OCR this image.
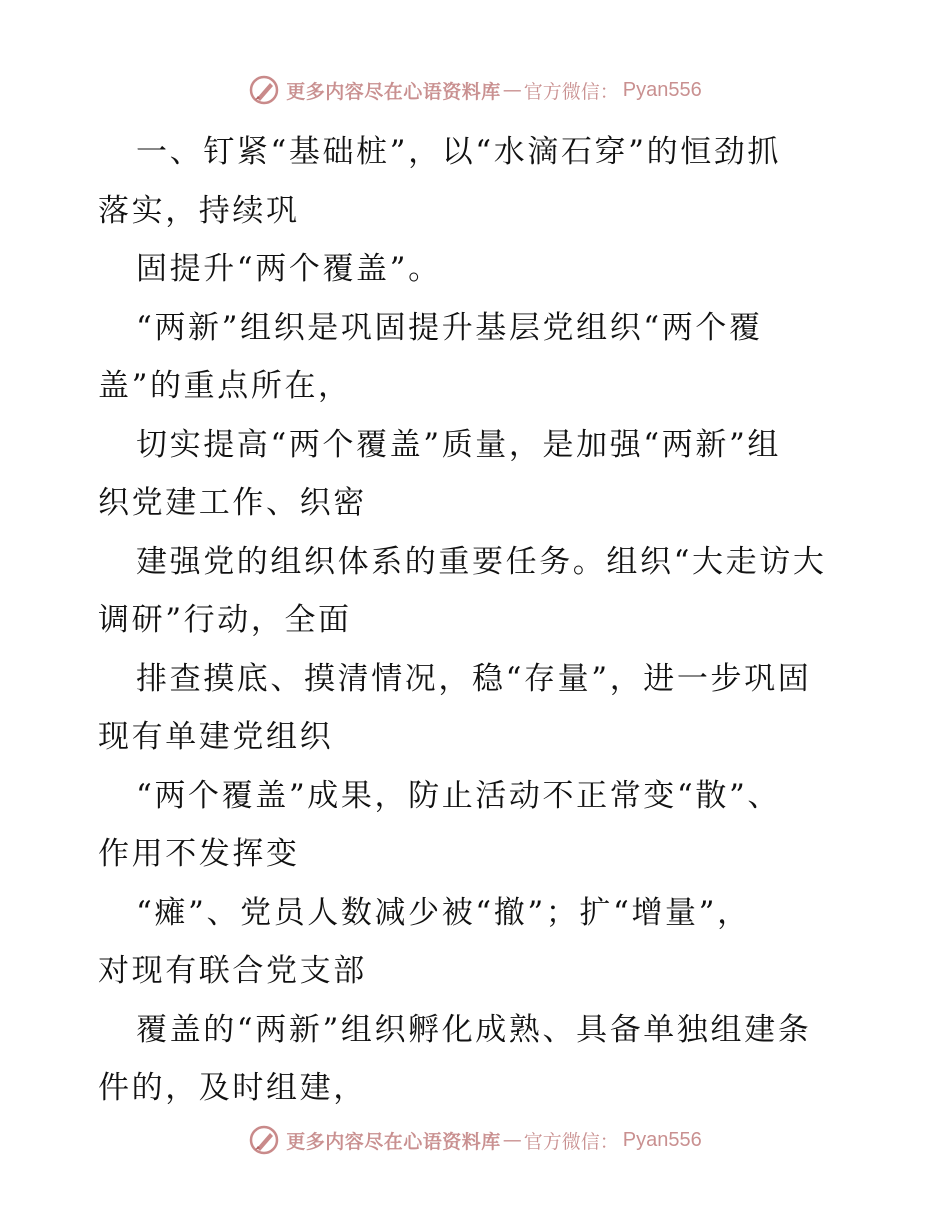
更多内容尽在心语资料库 — 官方微信： Pyan556
一、钉紧“基础桩”，以“水滴石穿”的恒劲抓
落实，持续巩
固提升“两个覆盖”。
“两新”组织是巩固提升基层党组织“两个覆
盖”的重点所在，
切实提高“两个覆盖”质量，是加强“两新”组
织党建工作、织密
建强党的组织体系的重要任务。组织“大走访大
调研”行动，全面
排查摸底、摸清情况，稳“存量”，进一步巩固
现有单建党组织
“两个覆盖”成果，防止活动不正常变“散”、
作用不发挥变
“瘫”、党员人数减少被“撤”；扩“增量”，
对现有联合党支部
覆盖的“两新”组织孵化成熟、具备单独组建条
件的，及时组建，
更多内容尽在心语资料库 — 官方微信： Pyan556
